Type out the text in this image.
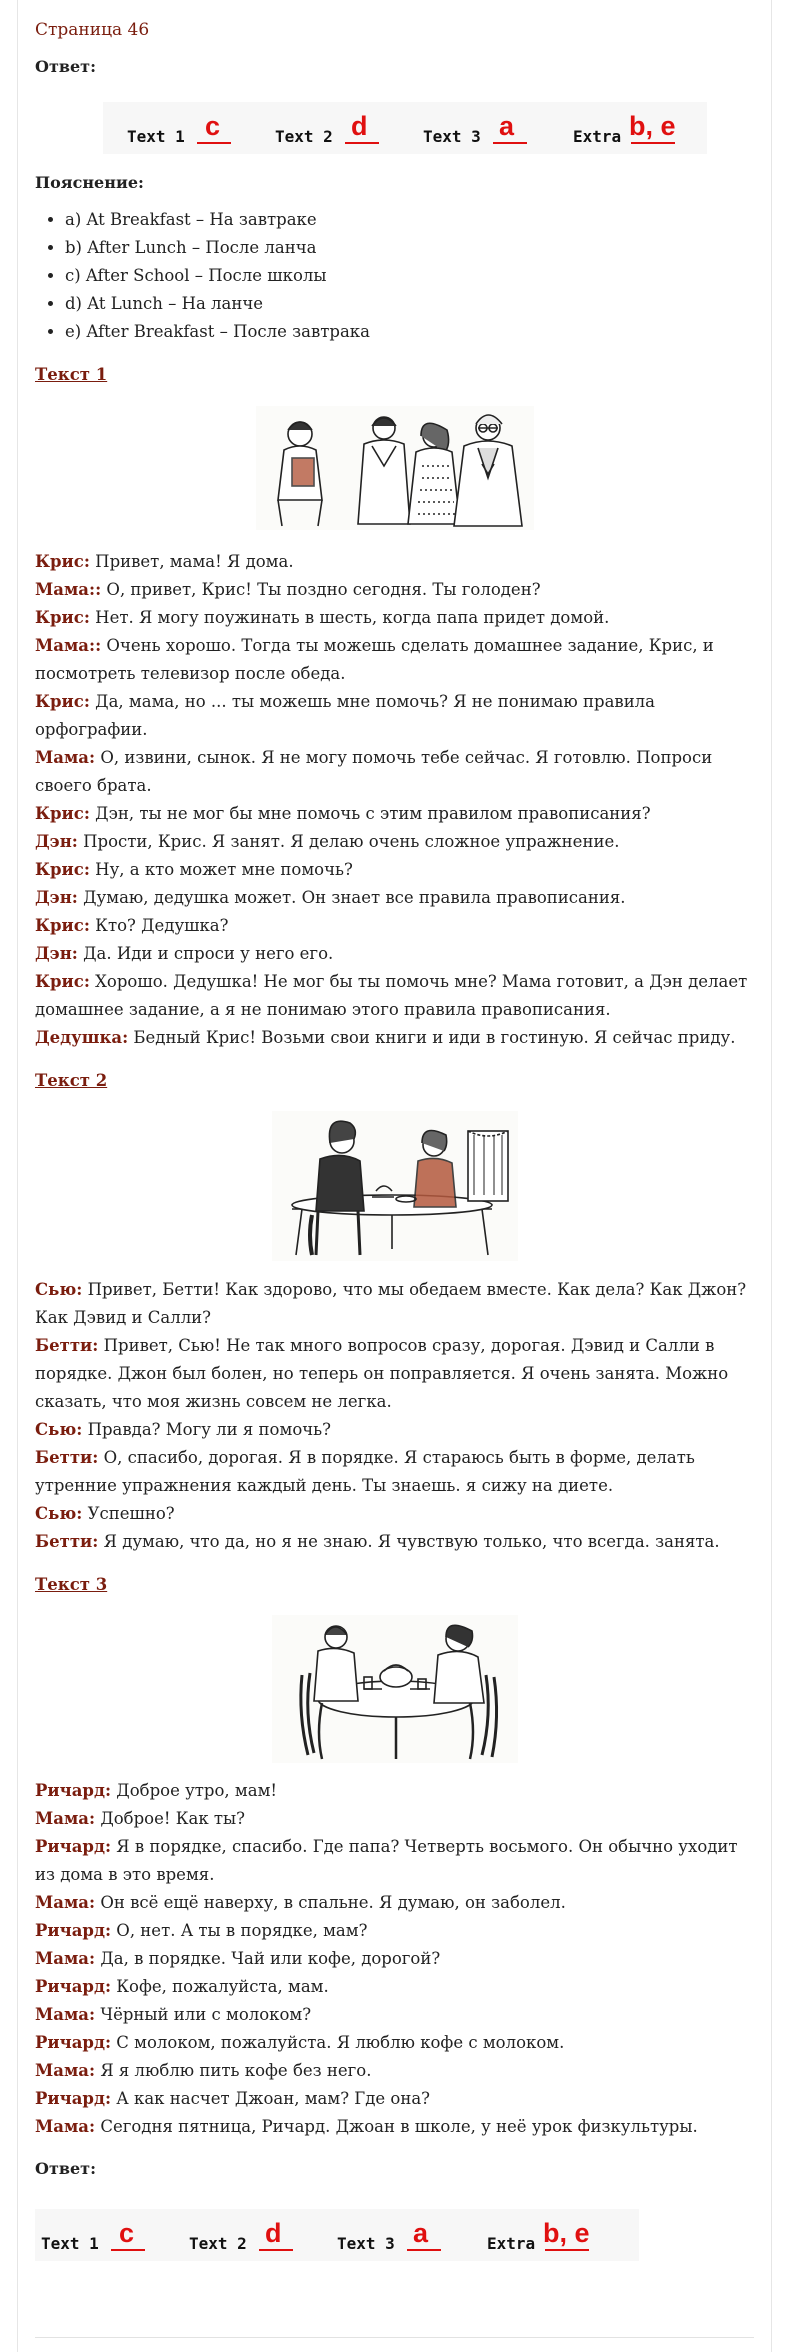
Страница 46

Ответ:

Text 1 c	Text 2 d	Text 3 a	Extra b, e

Пояснение:

• a) At Breakfast – На завтраке
• b) After Lunch – После ланча
• c) After School – После школы
• d) At Lunch – На ланче
• e) After Breakfast – После завтрака

Текст 1

Крис: Привет, мама! Я дома.

Мама:: О, привет, Крис! Ты поздно сегодня. Ты голоден?

Крис: Нет. Я могу поужинать в шесть, когда папа придет домой.

Мама:: Очень хорошо. Тогда ты можешь сделать домашнее задание, Крис, и посмотреть телевизор после обеда.

Крис: Да, мама, но ... ты можешь мне помочь? Я не понимаю правила орфографии.

Мама: О, извини, сынок. Я не могу помочь тебе сейчас. Я готовлю. Попроси своего брата.

Крис: Дэн, ты не мог бы мне помочь с этим правилом правописания?

Дэн: Прости, Крис. Я занят. Я делаю очень сложное упражнение.

Крис: Ну, а кто может мне помочь?

Дэн: Думаю, дедушка может. Он знает все правила правописания.

Крис: Кто? Дедушка?

Дэн: Да. Иди и спроси у него его.

Крис: Хорошо. Дедушка! Не мог бы ты помочь мне? Мама готовит, а Дэн делает домашнее задание, а я не понимаю этого правила правописания.

Дедушка: Бедный Крис! Возьми свои книги и иди в гостиную. Я сейчас приду.

Текст 2

Сью: Привет, Бетти! Как здорово, что мы обедаем вместе. Как дела? Как Джон? Как Дэвид и Салли?

Бетти: Привет, Сью! Не так много вопросов сразу, дорогая. Дэвид и Салли в порядке. Джон был болен, но теперь он поправляется. Я очень занята. Можно сказать, что моя жизнь совсем не легка.

Сью: Правда? Могу ли я помочь?

Бетти: О, спасибо, дорогая. Я в порядке. Я стараюсь быть в форме, делать утренние упражнения каждый день. Ты знаешь. я сижу на диете.

Сью: Успешно?

Бетти: Я думаю, что да, но я не знаю. Я чувствую только, что всегда. занята.

Текст 3

Ричард: Доброе утро, мам!

Мама: Доброе! Как ты?

Ричард: Я в порядке, спасибо. Где папа? Четверть восьмого. Он обычно уходит из дома в это время.

Мама: Он всё ещё наверху, в спальне. Я думаю, он заболел.

Ричард: О, нет. А ты в порядке, мам?

Мама: Да, в порядке. Чай или кофе, дорогой?

Ричард: Кофе, пожалуйста, мам.

Мама: Чёрный или с молоком?

Ричард: С молоком, пожалуйста. Я люблю кофе с молоком.

Мама: Я я люблю пить кофе без него.

Ричард: А как насчет Джоан, мам? Где она?

Мама: Сегодня пятница, Ричард. Джоан в школе, у неё урок физкультуры.

Ответ:

Text 1 c	Text 2 d	Text 3 a	Extra b, e
